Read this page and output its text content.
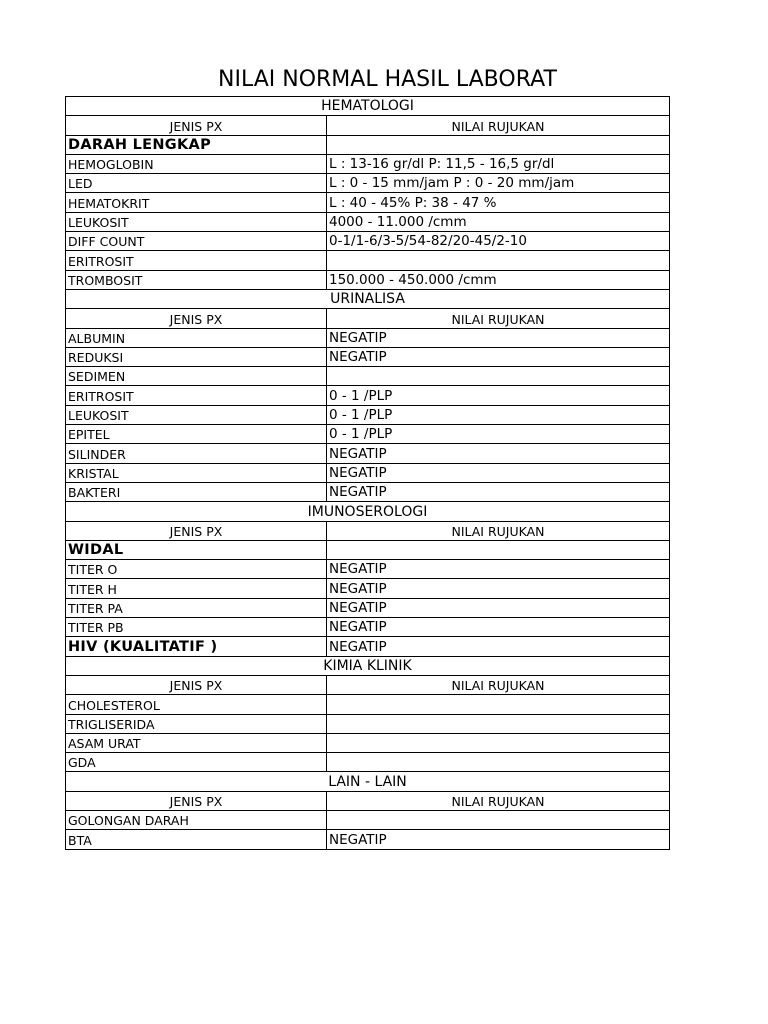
NILAI NORMAL HASIL LABORAT
HEMATOLOGI	
JENIS PX	NILAI RUJUKAN
DARAH LENGKAP	
HEMOGLOBIN	L : 13-16 gr/dl P: 11,5 - 16,5 gr/dl
LED	L : 0 - 15 mm/jam P : 0 - 20 mm/jam
HEMATOKRIT	L : 40 - 45% P: 38 - 47 %
LEUKOSIT	4000 - 11.000 /cmm
DIFF COUNT	0-1/1-6/3-5/54-82/20-45/2-10
ERITROSIT	
TROMBOSIT	150.000 - 450.000 /cmm
URINALISA	
JENIS PX	NILAI RUJUKAN
ALBUMIN	NEGATIP
REDUKSI	NEGATIP
SEDIMEN	
ERITROSIT	0 - 1 /PLP
LEUKOSIT	0 - 1 /PLP
EPITEL	0 - 1 /PLP
SILINDER	NEGATIP
KRISTAL	NEGATIP
BAKTERI	NEGATIP
IMUNOSEROLOGI	
JENIS PX	NILAI RUJUKAN
WIDAL	
TITER O	NEGATIP
TITER H	NEGATIP
TITER PA	NEGATIP
TITER PB	NEGATIP
HIV (KUALITATIF )	NEGATIP
KIMIA KLINIK	
JENIS PX	NILAI RUJUKAN
CHOLESTEROL	
TRIGLISERIDA	
ASAM URAT	
GDA	
LAIN - LAIN	
JENIS PX	NILAI RUJUKAN
GOLONGAN DARAH	
BTA	NEGATIP
